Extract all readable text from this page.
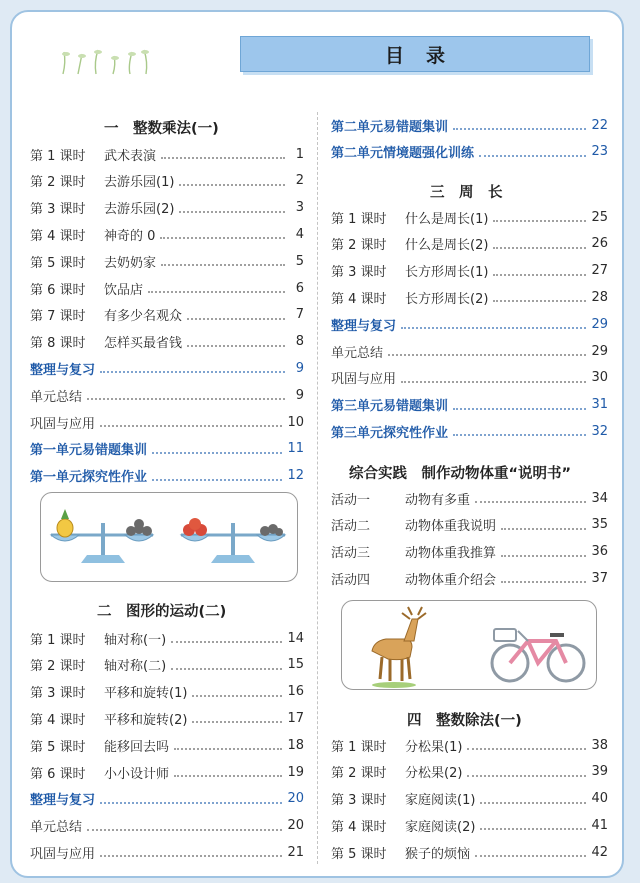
目录
一　整数乘法(一)
第 1 课时	武术表演	1
第 2 课时	去游乐园(1)	2
第 3 课时	去游乐园(2)	3
第 4 课时	神奇的 0	4
第 5 课时	去奶奶家	5
第 6 课时	饮品店	6
第 7 课时	有多少名观众	7
第 8 课时	怎样买最省钱	8
整理与复习	9
单元总结	9
巩固与应用	10
第一单元易错题集训	11
第一单元探究性作业	12
二　图形的运动(二)
第 1 课时	轴对称(一)	14
第 2 课时	轴对称(二)	15
第 3 课时	平移和旋转(1)	16
第 4 课时	平移和旋转(2)	17
第 5 课时	能移回去吗	18
第 6 课时	小小设计师	19
整理与复习	20
单元总结	20
巩固与应用	21
第二单元易错题集训	22
第二单元情境题强化训练	23
三　周　长
第 1 课时	什么是周长(1)	25
第 2 课时	什么是周长(2)	26
第 3 课时	长方形周长(1)	27
第 4 课时	长方形周长(2)	28
整理与复习	29
单元总结	29
巩固与应用	30
第三单元易错题集训	31
第三单元探究性作业	32
综合实践　制作动物体重“说明书”
活动一	动物有多重	34
活动二	动物体重我说明	35
活动三	动物体重我推算	36
活动四	动物体重介绍会	37
四　整数除法(一)
第 1 课时	分松果(1)	38
第 2 课时	分松果(2)	39
第 3 课时	家庭阅读(1)	40
第 4 课时	家庭阅读(2)	41
第 5 课时	猴子的烦恼	42
